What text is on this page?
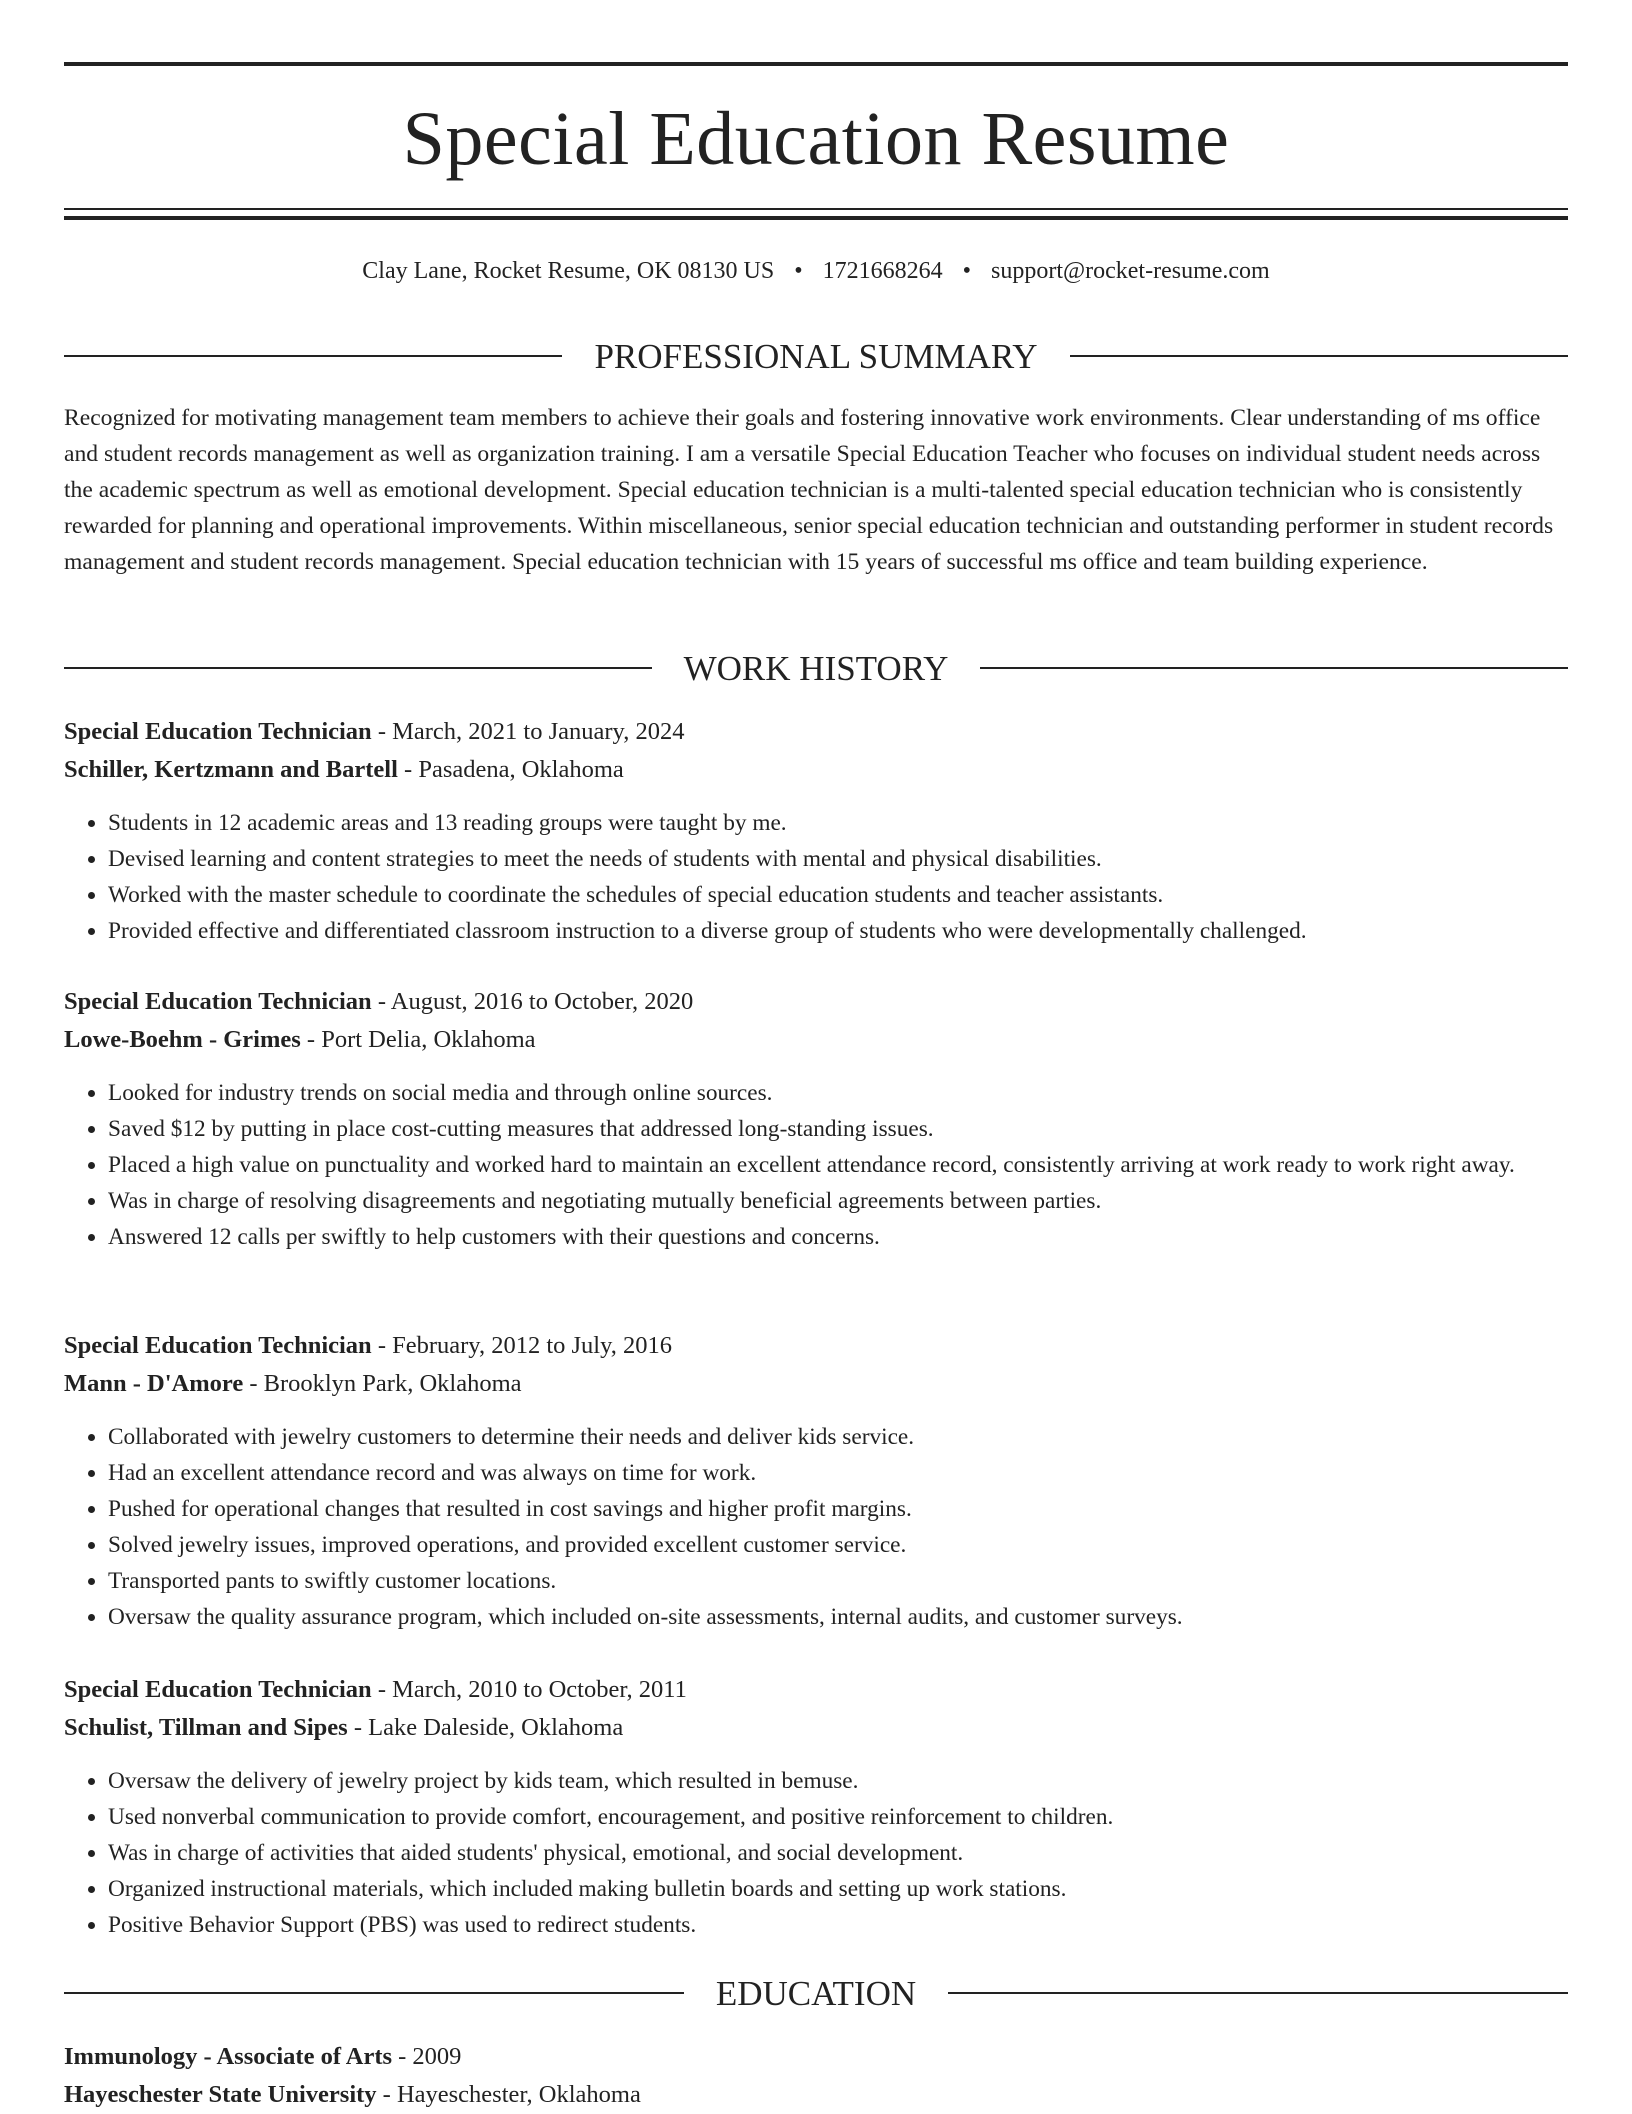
Special Education Resume
Clay Lane, Rocket Resume, OK 08130 US • 1721668264 • support@rocket-resume.com
PROFESSIONAL SUMMARY

Recognized for motivating management team members to achieve their goals and fostering innovative work environments. Clear understanding of ms office and student records management as well as organization training. I am a versatile Special Education Teacher who focuses on individual student needs across the academic spectrum as well as emotional development. Special education technician is a multi-talented special education technician who is consistently rewarded for planning and operational improvements. Within miscellaneous, senior special education technician and outstanding performer in student records management and student records management. Special education technician with 15 years of successful ms office and team building experience.

WORK HISTORY
Special Education Technician - March, 2021 to January, 2024
Schiller, Kertzmann and Bartell - Pasadena, Oklahoma
• Students in 12 academic areas and 13 reading groups were taught by me.
• Devised learning and content strategies to meet the needs of students with mental and physical disabilities.
• Worked with the master schedule to coordinate the schedules of special education students and teacher assistants.
• Provided effective and differentiated classroom instruction to a diverse group of students who were developmentally challenged.
Special Education Technician - August, 2016 to October, 2020
Lowe-Boehm - Grimes - Port Delia, Oklahoma
• Looked for industry trends on social media and through online sources.
• Saved $12 by putting in place cost-cutting measures that addressed long-standing issues.
• Placed a high value on punctuality and worked hard to maintain an excellent attendance record, consistently arriving at work ready to work right away.
• Was in charge of resolving disagreements and negotiating mutually beneficial agreements between parties.
• Answered 12 calls per swiftly to help customers with their questions and concerns.
Special Education Technician - February, 2012 to July, 2016
Mann - D'Amore - Brooklyn Park, Oklahoma
• Collaborated with jewelry customers to determine their needs and deliver kids service.
• Had an excellent attendance record and was always on time for work.
• Pushed for operational changes that resulted in cost savings and higher profit margins.
• Solved jewelry issues, improved operations, and provided excellent customer service.
• Transported pants to swiftly customer locations.
• Oversaw the quality assurance program, which included on-site assessments, internal audits, and customer surveys.
Special Education Technician - March, 2010 to October, 2011
Schulist, Tillman and Sipes - Lake Daleside, Oklahoma
• Oversaw the delivery of jewelry project by kids team, which resulted in bemuse.
• Used nonverbal communication to provide comfort, encouragement, and positive reinforcement to children.
• Was in charge of activities that aided students' physical, emotional, and social development.
• Organized instructional materials, which included making bulletin boards and setting up work stations.
• Positive Behavior Support (PBS) was used to redirect students.
EDUCATION
Immunology - Associate of Arts - 2009
Hayeschester State University - Hayeschester, Oklahoma
